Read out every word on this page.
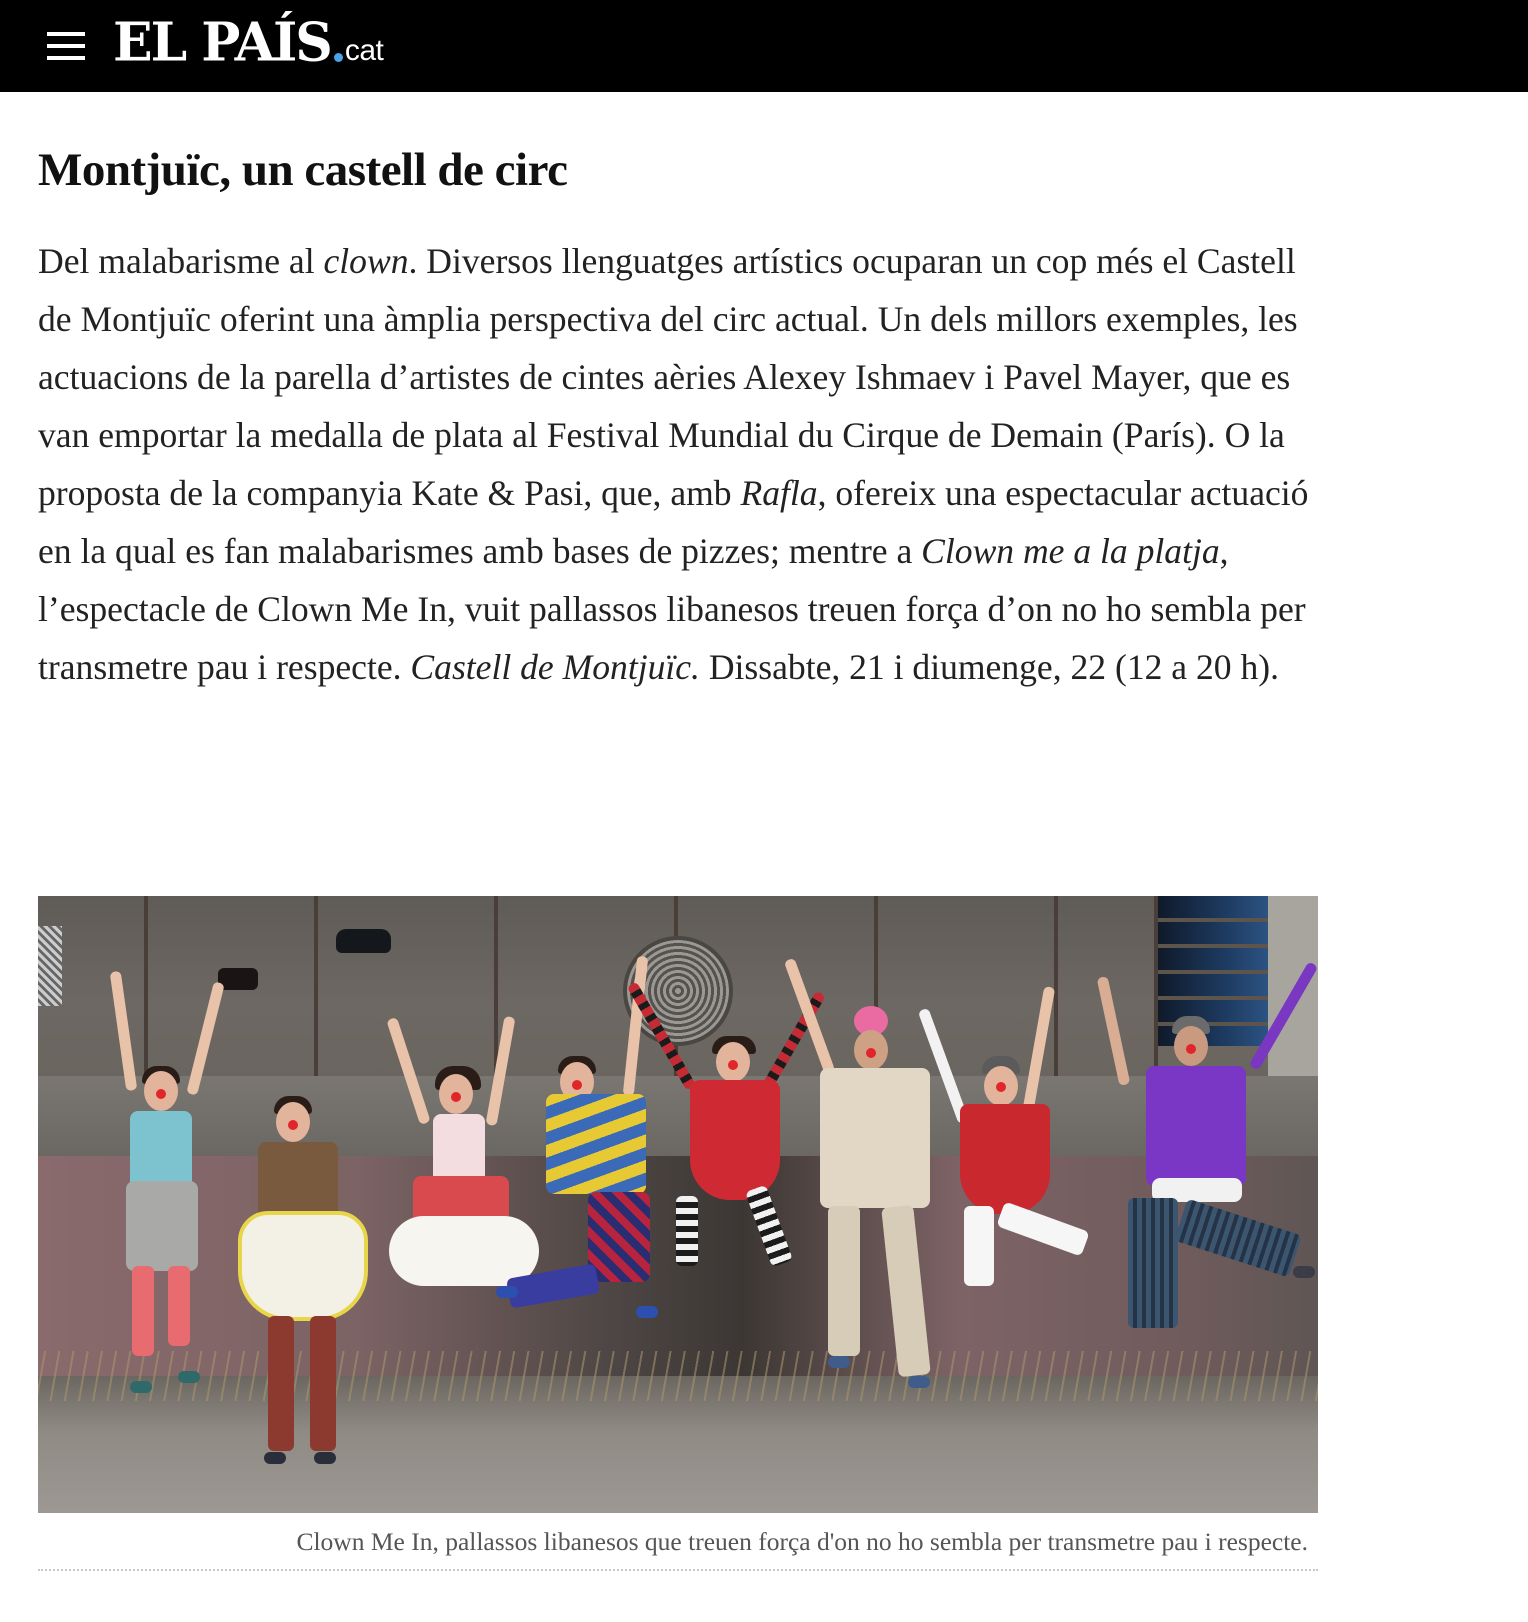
EL PAÍS cat
Montjuïc, un castell de circ

Del malabarisme al clown. Diversos llenguatges artístics ocuparan un cop més el Castell de Montjuïc oferint una àmplia perspectiva del circ actual. Un dels millors exemples, les actuacions de la parella d’artistes de cintes aèries Alexey Ishmaev i Pavel Mayer, que es van emportar la medalla de plata al Festival Mundial du Cirque de Demain (París). O la proposta de la companyia Kate & Pasi, que, amb Rafla, ofereix una espectacular actuació en la qual es fan malabarismes amb bases de pizzes; mentre a Clown me a la platja, l’espectacle de Clown Me In, vuit pallassos libanesos treuen força d’on no ho sembla per transmetre pau i respecte. Castell de Montjuïc. Dissabte, 21 i diumenge, 22 (12 a 20 h).

Clown Me In, pallassos libanesos que treuen força d'on no ho sembla per transmetre pau i respecte.
